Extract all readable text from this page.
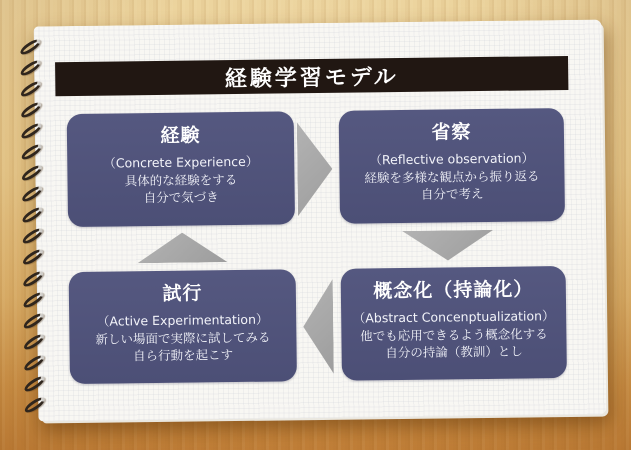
経験学習モデル
経験
（Concrete Experience）
具体的な経験をする
自分で気づき
省察
（Reflective observation）
経験を多様な観点から振り返る
自分で考え
試行
（Active Experimentation）
新しい場面で実際に試してみる
自ら行動を起こす
概念化（持論化）
（Abstract Concenptualization）
他でも応用できるよう概念化する
自分の持論（教訓）とし
